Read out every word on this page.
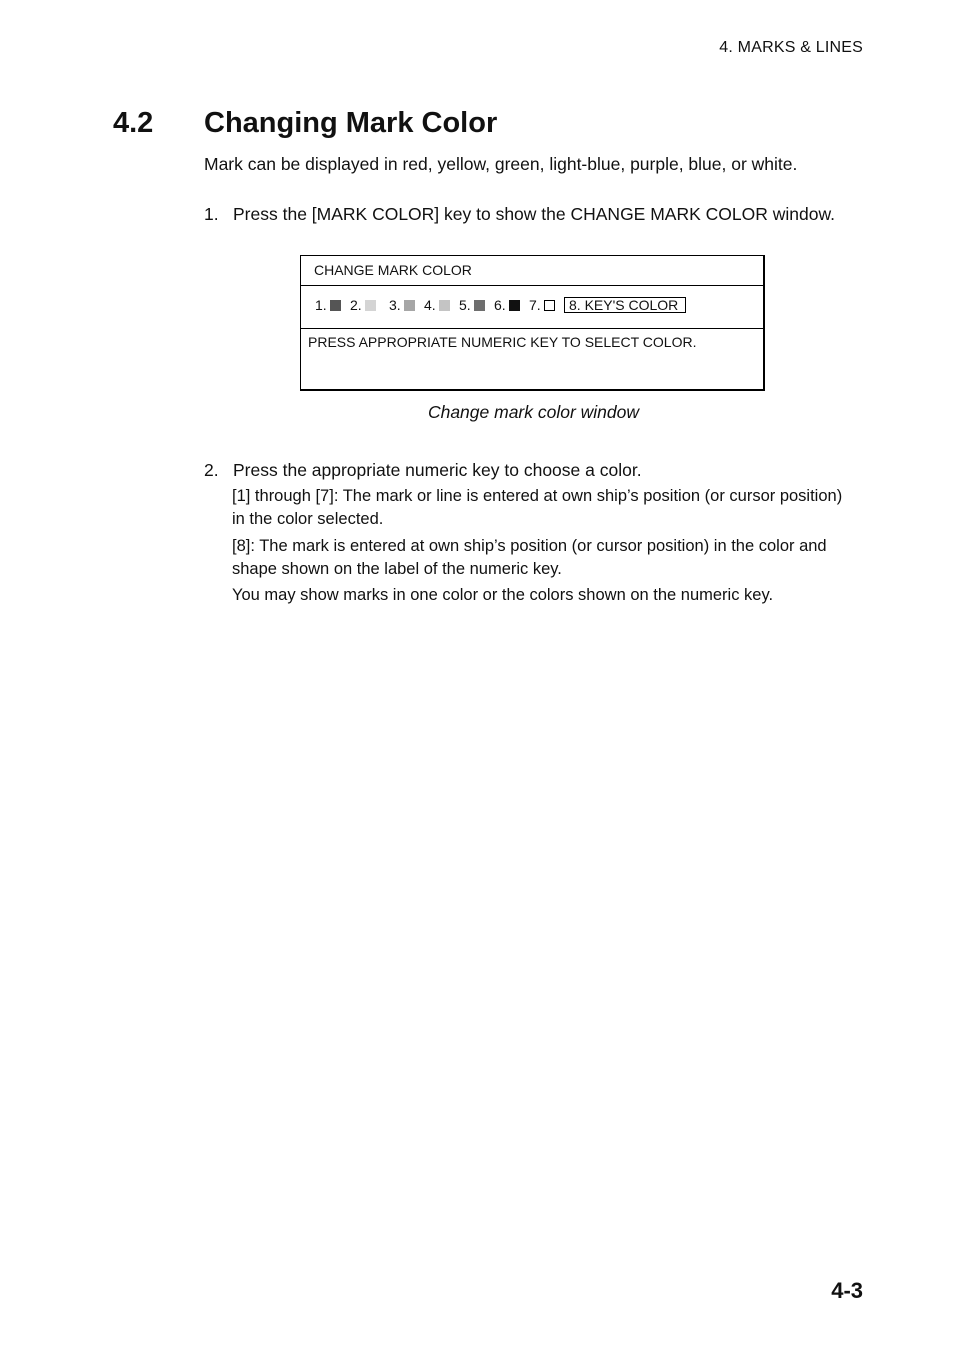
4. MARKS & LINES
4.2 Changing Mark Color
Mark can be displayed in red, yellow, green, light-blue, purple, blue, or white.
1. Press the [MARK COLOR] key to show the CHANGE MARK COLOR window.
CHANGE MARK COLOR
1.	2.	3.	4.	5.	6.	7.	8. KEY'S COLOR
PRESS APPROPRIATE NUMERIC KEY TO SELECT COLOR.
Change mark color window
2. Press the appropriate numeric key to choose a color.
[1] through [7]: The mark or line is entered at own ship’s position (or cursor position) in the color selected.
[8]: The mark is entered at own ship’s position (or cursor position) in the color and shape shown on the label of the numeric key.
You may show marks in one color or the colors shown on the numeric key.
4-3
